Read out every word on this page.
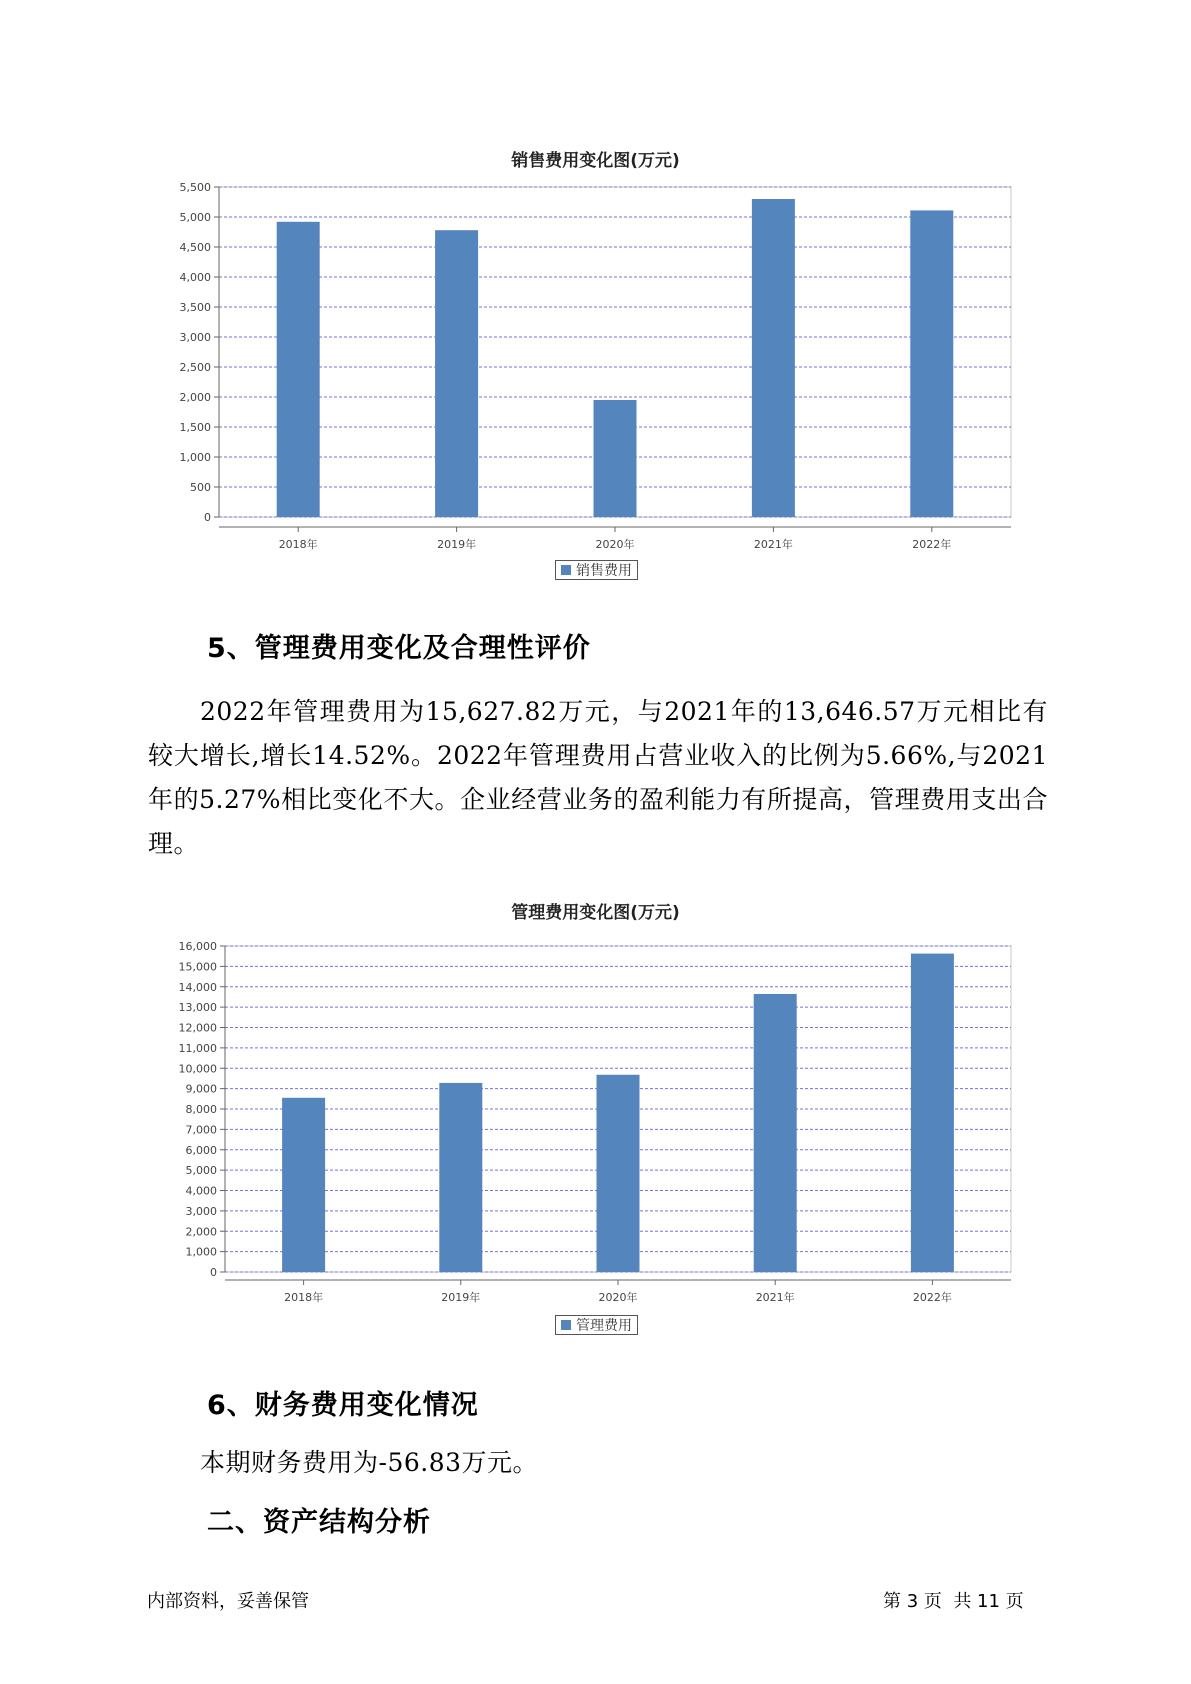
销售费用变化图(万元)
0
500
1,000
1,500
2,000
2,500
3,000
3,500
4,000
4,500
5,000
5,500
2018年	2019年	2020年	2021年	2022年
销售费用
5、管理费用变化及合理性评价
2022年管理费用为15,627.82万元，与2021年的13,646.57万元相比有较大增长,增长14.52%。2022年管理费用占营业收入的比例为5.66%,与2021年的5.27%相比变化不大。企业经营业务的盈利能力有所提高，管理费用支出合理。
管理费用变化图(万元)
0
1,000
2,000
3,000
4,000
5,000
6,000
7,000
8,000
9,000
10,000
11,000
12,000
13,000
14,000
15,000
16,000
2018年	2019年	2020年	2021年	2022年
管理费用
6、财务费用变化情况
本期财务费用为-56.83万元。
二、资产结构分析
内部资料，妥善保管	第 3 页  共 11 页
